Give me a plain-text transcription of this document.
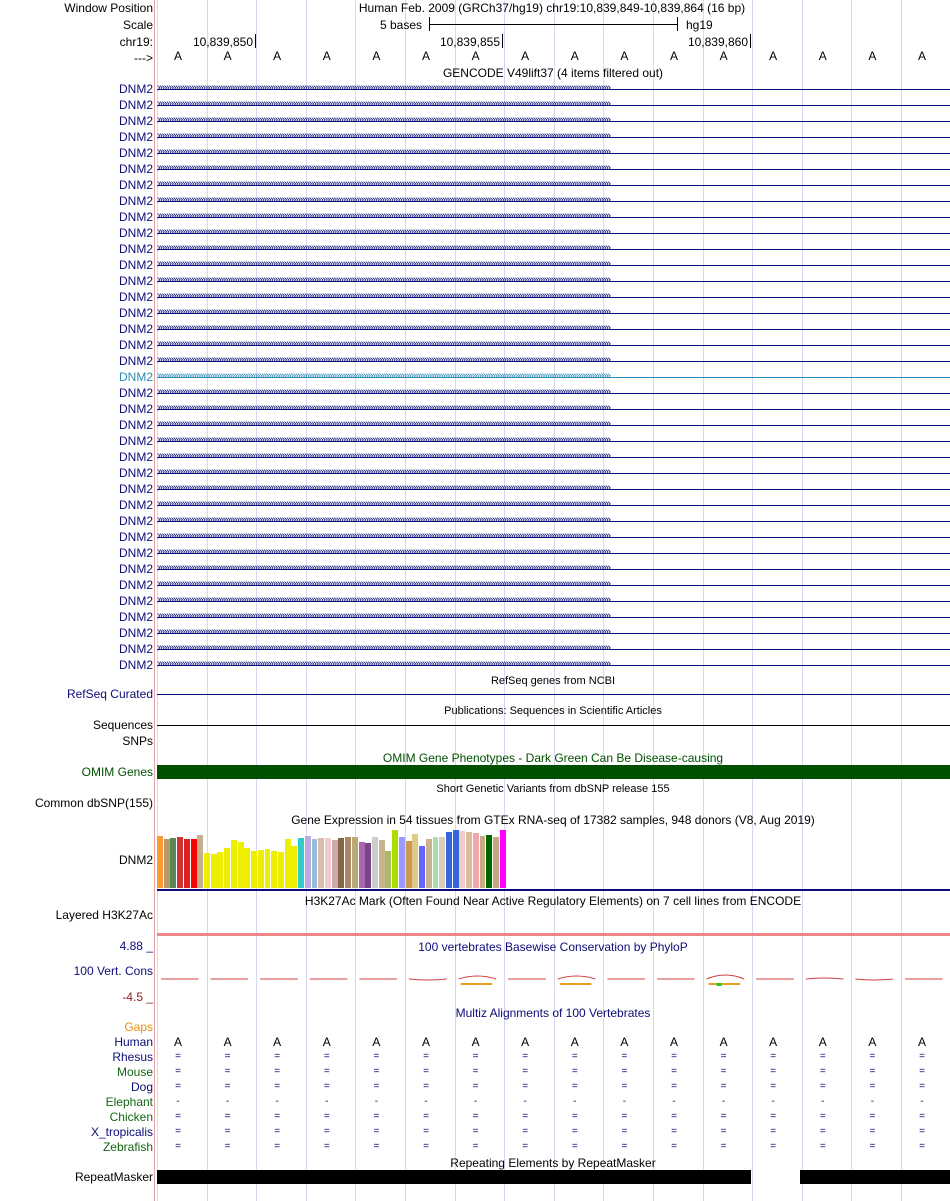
Window Position	Human Feb. 2009 (GRCh37/hg19) chr19:10,839,849-10,839,864 (16 bp)
Scale	5 bases	hg19
chr19:	10,839,850	10,839,855	10,839,860
---> A	A	A	A	A	A	A	A	A	A	A	A	A	A	A	A
GENCODE V49lift37 (4 items filtered out)
DNM2 ››››››››››››››››››››››››››››››››››››››››››››››››››››››››››››››››››››››››››››››››››››››››››››››››››››››››››››››››››››››››››››››››››››››››››››››››››››››››››››››››››››››››››››››››››››››››››››››››››››››››
DNM2 ››››››››››››››››››››››››››››››››››››››››››››››››››››››››››››››››››››››››››››››››››››››››››››››››››››››››››››››››››››››››››››››››››››››››››››››››››››››››››››››››››››››››››››››››››››››››››››››››››››››››
DNM2 ››››››››››››››››››››››››››››››››››››››››››››››››››››››››››››››››››››››››››››››››››››››››››››››››››››››››››››››››››››››››››››››››››››››››››››››››››››››››››››››››››››››››››››››››››››››››››››››››››››››››
DNM2 ››››››››››››››››››››››››››››››››››››››››››››››››››››››››››››››››››››››››››››››››››››››››››››››››››››››››››››››››››››››››››››››››››››››››››››››››››››››››››››››››››››››››››››››››››››››››››››››››››››››››
DNM2 ››››››››››››››››››››››››››››››››››››››››››››››››››››››››››››››››››››››››››››››››››››››››››››››››››››››››››››››››››››››››››››››››››››››››››››››››››››››››››››››››››››››››››››››››››››››››››››››››››››››››
DNM2 ››››››››››››››››››››››››››››››››››››››››››››››››››››››››››››››››››››››››››››››››››››››››››››››››››››››››››››››››››››››››››››››››››››››››››››››››››››››››››››››››››››››››››››››››››››››››››››››››››››››››
DNM2 ››››››››››››››››››››››››››››››››››››››››››››››››››››››››››››››››››››››››››››››››››››››››››››››››››››››››››››››››››››››››››››››››››››››››››››››››››››››››››››››››››››››››››››››››››››››››››››››››››››››››
DNM2 ››››››››››››››››››››››››››››››››››››››››››››››››››››››››››››››››››››››››››››››››››››››››››››››››››››››››››››››››››››››››››››››››››››››››››››››››››››››››››››››››››››››››››››››››››››››››››››››››››››››››
DNM2 ››››››››››››››››››››››››››››››››››››››››››››››››››››››››››››››››››››››››››››››››››››››››››››››››››››››››››››››››››››››››››››››››››››››››››››››››››››››››››››››››››››››››››››››››››››››››››››››››››››››››
DNM2 ››››››››››››››››››››››››››››››››››››››››››››››››››››››››››››››››››››››››››››››››››››››››››››››››››››››››››››››››››››››››››››››››››››››››››››››››››››››››››››››››››››››››››››››››››››››››››››››››››››››››
DNM2 ››››››››››››››››››››››››››››››››››››››››››››››››››››››››››››››››››››››››››››››››››››››››››››››››››››››››››››››››››››››››››››››››››››››››››››››››››››››››››››››››››››››››››››››››››››››››››››››››››››››››
DNM2 ››››››››››››››››››››››››››››››››››››››››››››››››››››››››››››››››››››››››››››››››››››››››››››››››››››››››››››››››››››››››››››››››››››››››››››››››››››››››››››››››››››››››››››››››››››››››››››››››››››››››
DNM2 ››››››››››››››››››››››››››››››››››››››››››››››››››››››››››››››››››››››››››››››››››››››››››››››››››››››››››››››››››››››››››››››››››››››››››››››››››››››››››››››››››››››››››››››››››››››››››››››››››››››››
DNM2 ››››››››››››››››››››››››››››››››››››››››››››››››››››››››››››››››››››››››››››››››››››››››››››››››››››››››››››››››››››››››››››››››››››››››››››››››››››››››››››››››››››››››››››››››››››››››››››››››››››››››
DNM2 ››››››››››››››››››››››››››››››››››››››››››››››››››››››››››››››››››››››››››››››››››››››››››››››››››››››››››››››››››››››››››››››››››››››››››››››››››››››››››››››››››››››››››››››››››››››››››››››››››››››››
DNM2 ››››››››››››››››››››››››››››››››››››››››››››››››››››››››››››››››››››››››››››››››››››››››››››››››››››››››››››››››››››››››››››››››››››››››››››››››››››››››››››››››››››››››››››››››››››››››››››››››››››››››
DNM2 ››››››››››››››››››››››››››››››››››››››››››››››››››››››››››››››››››››››››››››››››››››››››››››››››››››››››››››››››››››››››››››››››››››››››››››››››››››››››››››››››››››››››››››››››››››››››››››››››››››››››
DNM2 ››››››››››››››››››››››››››››››››››››››››››››››››››››››››››››››››››››››››››››››››››››››››››››››››››››››››››››››››››››››››››››››››››››››››››››››››››››››››››››››››››››››››››››››››››››››››››››››››››››››››
DNM2 ››››››››››››››››››››››››››››››››››››››››››››››››››››››››››››››››››››››››››››››››››››››››››››››››››››››››››››››››››››››››››››››››››››››››››››››››››››››››››››››››››››››››››››››››››››››››››››››››››››››››
DNM2 ››››››››››››››››››››››››››››››››››››››››››››››››››››››››››››››››››››››››››››››››››››››››››››››››››››››››››››››››››››››››››››››››››››››››››››››››››››››››››››››››››››››››››››››››››››››››››››››››››››››››
DNM2 ››››››››››››››››››››››››››››››››››››››››››››››››››››››››››››››››››››››››››››››››››››››››››››››››››››››››››››››››››››››››››››››››››››››››››››››››››››››››››››››››››››››››››››››››››››››››››››››››››››››››
DNM2 ››››››››››››››››››››››››››››››››››››››››››››››››››››››››››››››››››››››››››››››››››››››››››››››››››››››››››››››››››››››››››››››››››››››››››››››››››››››››››››››››››››››››››››››››››››››››››››››››››››››››
DNM2 ››››››››››››››››››››››››››››››››››››››››››››››››››››››››››››››››››››››››››››››››››››››››››››››››››››››››››››››››››››››››››››››››››››››››››››››››››››››››››››››››››››››››››››››››››››››››››››››››››››››››
DNM2 ››››››››››››››››››››››››››››››››››››››››››››››››››››››››››››››››››››››››››››››››››››››››››››››››››››››››››››››››››››››››››››››››››››››››››››››››››››››››››››››››››››››››››››››››››››››››››››››››››››››››
DNM2 ››››››››››››››››››››››››››››››››››››››››››››››››››››››››››››››››››››››››››››››››››››››››››››››››››››››››››››››››››››››››››››››››››››››››››››››››››››››››››››››››››››››››››››››››››››››››››››››››››››››››
DNM2 ››››››››››››››››››››››››››››››››››››››››››››››››››››››››››››››››››››››››››››››››››››››››››››››››››››››››››››››››››››››››››››››››››››››››››››››››››››››››››››››››››››››››››››››››››››››››››››››››››››››››
DNM2 ››››››››››››››››››››››››››››››››››››››››››››››››››››››››››››››››››››››››››››››››››››››››››››››››››››››››››››››››››››››››››››››››››››››››››››››››››››››››››››››››››››››››››››››››››››››››››››››››››››››››
DNM2 ››››››››››››››››››››››››››››››››››››››››››››››››››››››››››››››››››››››››››››››››››››››››››››››››››››››››››››››››››››››››››››››››››››››››››››››››››››››››››››››››››››››››››››››››››››››››››››››››››››››››
DNM2 ››››››››››››››››››››››››››››››››››››››››››››››››››››››››››››››››››››››››››››››››››››››››››››››››››››››››››››››››››››››››››››››››››››››››››››››››››››››››››››››››››››››››››››››››››››››››››››››››››››››››
DNM2 ››››››››››››››››››››››››››››››››››››››››››››››››››››››››››››››››››››››››››››››››››››››››››››››››››››››››››››››››››››››››››››››››››››››››››››››››››››››››››››››››››››››››››››››››››››››››››››››››››››››››
DNM2 ››››››››››››››››››››››››››››››››››››››››››››››››››››››››››››››››››››››››››››››››››››››››››››››››››››››››››››››››››››››››››››››››››››››››››››››››››››››››››››››››››››››››››››››››››››››››››››››››››››››››
DNM2 ››››››››››››››››››››››››››››››››››››››››››››››››››››››››››››››››››››››››››››››››››››››››››››››››››››››››››››››››››››››››››››››››››››››››››››››››››››››››››››››››››››››››››››››››››››››››››››››››››››››››
DNM2 ››››››››››››››››››››››››››››››››››››››››››››››››››››››››››››››››››››››››››››››››››››››››››››››››››››››››››››››››››››››››››››››››››››››››››››››››››››››››››››››››››››››››››››››››››››››››››››››››››››››››
DNM2 ››››››››››››››››››››››››››››››››››››››››››››››››››››››››››››››››››››››››››››››››››››››››››››››››››››››››››››››››››››››››››››››››››››››››››››››››››››››››››››››››››››››››››››››››››››››››››››››››››››››››
DNM2 ››››››››››››››››››››››››››››››››››››››››››››››››››››››››››››››››››››››››››››››››››››››››››››››››››››››››››››››››››››››››››››››››››››››››››››››››››››››››››››››››››››››››››››››››››››››››››››››››››››››››
DNM2 ››››››››››››››››››››››››››››››››››››››››››››››››››››››››››››››››››››››››››››››››››››››››››››››››››››››››››››››››››››››››››››››››››››››››››››››››››››››››››››››››››››››››››››››››››››››››››››››››››››››››
DNM2 ››››››››››››››››››››››››››››››››››››››››››››››››››››››››››››››››››››››››››››››››››››››››››››››››››››››››››››››››››››››››››››››››››››››››››››››››››››››››››››››››››››››››››››››››››››››››››››››››››››››››
RefSeq genes from NCBI
RefSeq Curated
Publications: Sequences in Scientific Articles
Sequences
SNPs
OMIM Gene Phenotypes - Dark Green Can Be Disease-causing
OMIM Genes
Short Genetic Variants from dbSNP release 155
Common dbSNP(155)
Gene Expression in 54 tissues from GTEx RNA-seq of 17382 samples, 948 donors (V8, Aug 2019)
DNM2
H3K27Ac Mark (Often Found Near Active Regulatory Elements) on 7 cell lines from ENCODE
Layered H3K27Ac
100 vertebrates Basewise Conservation by PhyloP
4.88 _
100 Vert. Cons
-4.5 _
Multiz Alignments of 100 Vertebrates
Gaps
Human A	A	A	A	A	A	A	A	A	A	A	A	A	A	A	A
Rhesus =	=	=	=	=	=	=	=	=	=	=	=	=	=	=	=
Mouse =	=	=	=	=	=	=	=	=	=	=	=	=	=	=	=
Dog =	=	=	=	=	=	=	=	=	=	=	=	=	=	=	=
Elephant -	-	-	-	-	-	-	-	-	-	-	-	-	-	-	-
Chicken =	=	=	=	=	=	=	=	=	=	=	=	=	=	=	=
X_tropicalis =	=	=	=	=	=	=	=	=	=	=	=	=	=	=	=
Zebrafish =	=	=	=	=	=	=	=	=	=	=	=	=	=	=	=
Repeating Elements by RepeatMasker
RepeatMasker
